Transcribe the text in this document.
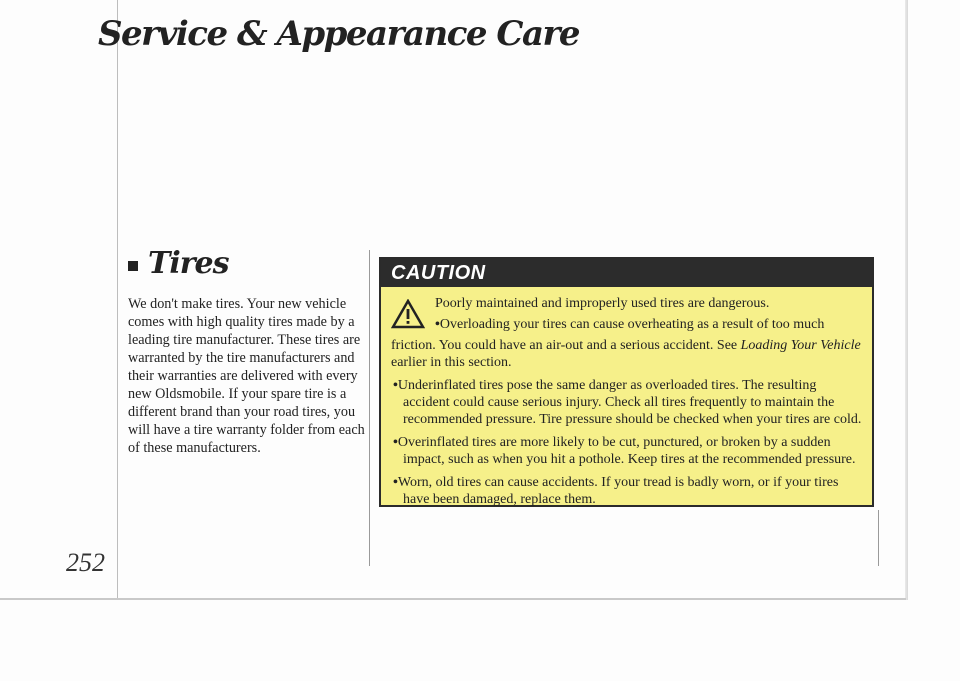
Service & Appearance Care
Tires

We don't make tires. Your new vehicle comes with high quality tires made by a leading tire manufacturer. These tires are warranted by the tire manufacturers and their warranties are delivered with every new Oldsmobile. If your spare tire is a different brand than your road tires, you will have a tire warranty folder from each of these manufacturers.

252
CAUTION

Poorly maintained and improperly used tires are dangerous.

•Overloading your tires can cause overheating as a result of too much

friction. You could have an air-out and a serious accident. See Loading Your Vehicle earlier in this section.

•Underinflated tires pose the same danger as overloaded tires. The resulting accident could cause serious injury. Check all tires frequently to maintain the recommended pressure. Tire pressure should be checked when your tires are cold.

•Overinflated tires are more likely to be cut, punctured, or broken by a sudden impact, such as when you hit a pothole. Keep tires at the recommended pressure.

•Worn, old tires can cause accidents. If your tread is badly worn, or if your tires have been damaged, replace them.
